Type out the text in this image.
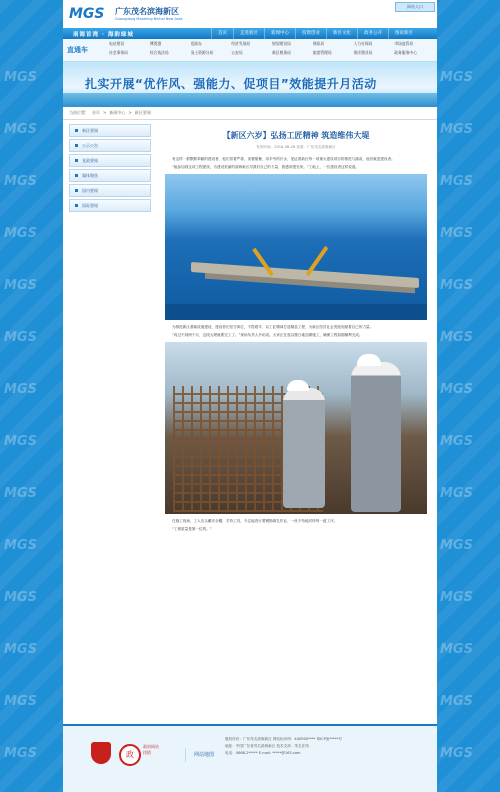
MGS	MGS
MGS	MGS
MGS	MGS
MGS	MGS
MGS	MGS
MGS	MGS
MGS	MGS
MGS	MGS
MGS	MGS
MGS	MGS
MGS	MGS
MGS	MGS
MGS	MGS
MGS	MGS
MGS 广东茂名滨海新区
Guangdong Maoming Binhai New Area
网站入口
南海首湾 · 海韵绿城	首页	走进新区	新闻中心	投资创业	新区文化	政务公开	图说新区
直通车
电站建设	博贺港	党政办	经济发展局	规划建设局	财政局	人力社保局	市场监管局
社会事务局	综合执法局	国土资源分局	公安局	新区税务局	旅游管理局	海洋渔业局	政务服务中心
扎实开展“优作风、强能力、促项目”效能提升月活动
当前位置： 首页 > 新闻中心 > 新区要闻
新区要闻
公示公告
党政要闻
媒体聚焦
国内要闻
国际要闻
【新区六岁】弘扬工匠精神 筑造维伟大堤
发布时间：2018-06-26 来源：广东茂名滨海新区

有这样一群默默奉献的建设者，他们冒着严寒，顶着酷暑，用辛劳的汗水，见证着新区每一项重大建设项目的推进与落成，他们就是建设者。

“能参加到这项工程建设，为建设美丽的滨海新区尽我们自己的力量，我感到很光荣。”工地上，一位建设者这样说道。

为推进新区基础设施建设，建设者们坚守岗位，不畏艰辛，以工匠精神打造精品工程，为新区经济社会发展贡献着自己的力量。

“再过不到两个月，这段大堤就要完工了。”现场负责人介绍说。大家正在夜以继日地加紧施工，确保工程如期顺利完成。

在施工现场，工人们头戴安全帽，手持工具，专注地进行着钢筋绑扎作业，一丝不苟地对待每一道工序。

“工程质量是第一位的。”

政
政府网站
找错	网站地图
版权所有：广东茂名滨海新区 网站标识码：440900**** 粤ICP备*****号
地址：中国广东省茂名滨海新区 技术支持：茂名在线
电话：0668-2***** E-mail: *****@163.com
